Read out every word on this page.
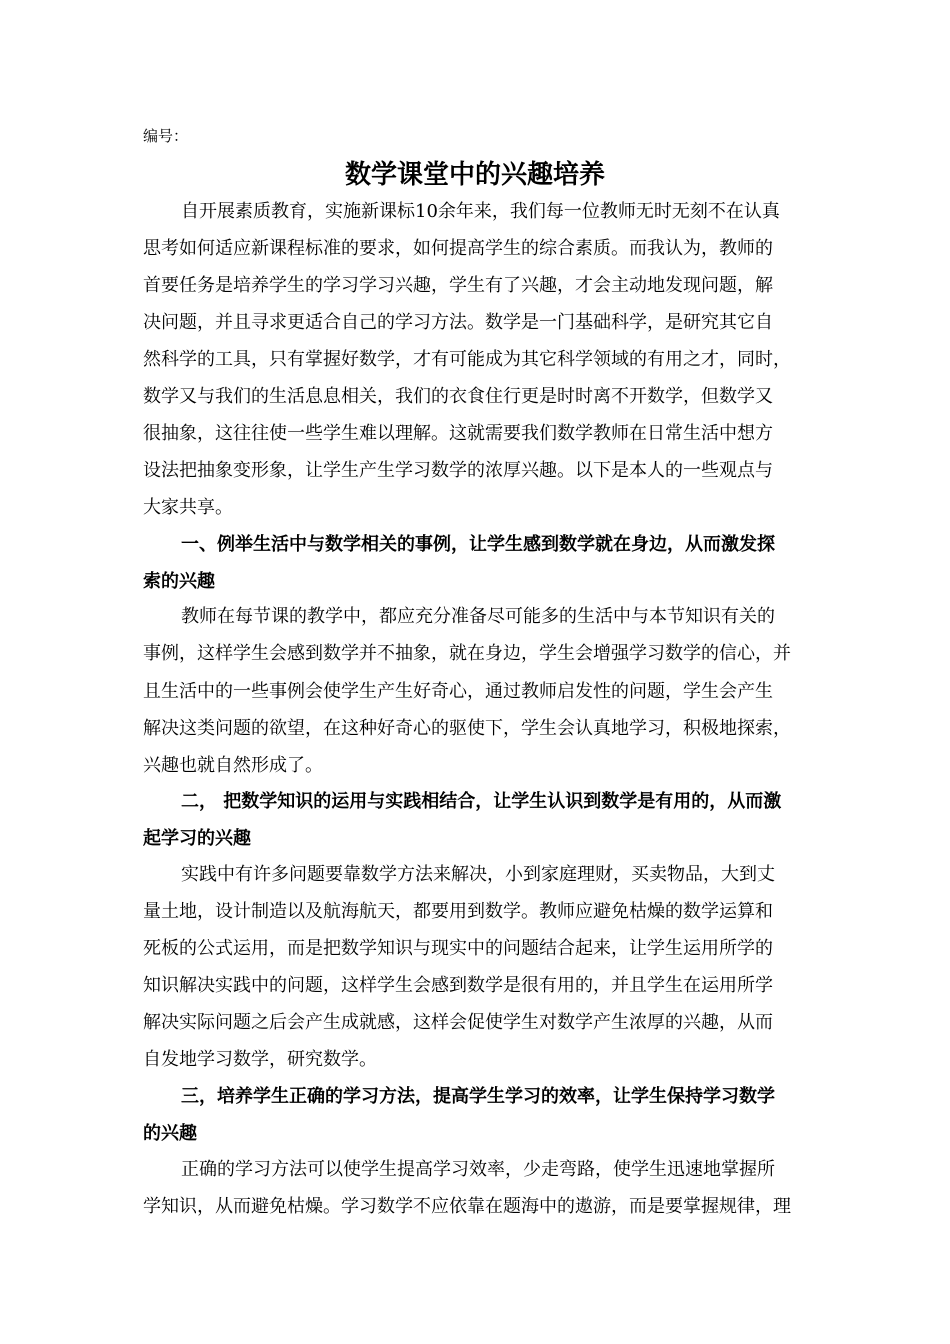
编号：
数学课堂中的兴趣培养
自开展素质教育，实施新课标10余年来，我们每一位教师无时无刻不在认真
思考如何适应新课程标准的要求，如何提高学生的综合素质。而我认为，教师的
首要任务是培养学生的学习学习兴趣，学生有了兴趣，才会主动地发现问题，解
决问题，并且寻求更适合自己的学习方法。数学是一门基础科学，是研究其它自
然科学的工具，只有掌握好数学，才有可能成为其它科学领域的有用之才，同时，
数学又与我们的生活息息相关，我们的衣食住行更是时时离不开数学，但数学又
很抽象，这往往使一些学生难以理解。这就需要我们数学教师在日常生活中想方
设法把抽象变形象，让学生产生学习数学的浓厚兴趣。以下是本人的一些观点与
大家共享。
一、例举生活中与数学相关的事例，让学生感到数学就在身边，从而激发探
索的兴趣
教师在每节课的教学中，都应充分准备尽可能多的生活中与本节知识有关的
事例，这样学生会感到数学并不抽象，就在身边，学生会增强学习数学的信心，并
且生活中的一些事例会使学生产生好奇心，通过教师启发性的问题，学生会产生
解决这类问题的欲望，在这种好奇心的驱使下，学生会认真地学习，积极地探索，
兴趣也就自然形成了。
二， 把数学知识的运用与实践相结合，让学生认识到数学是有用的，从而激
起学习的兴趣
实践中有许多问题要靠数学方法来解决，小到家庭理财，买卖物品，大到丈
量土地，设计制造以及航海航天，都要用到数学。教师应避免枯燥的数学运算和
死板的公式运用，而是把数学知识与现实中的问题结合起来，让学生运用所学的
知识解决实践中的问题，这样学生会感到数学是很有用的，并且学生在运用所学
解决实际问题之后会产生成就感，这样会促使学生对数学产生浓厚的兴趣，从而
自发地学习数学，研究数学。
三，培养学生正确的学习方法，提高学生学习的效率，让学生保持学习数学
的兴趣
正确的学习方法可以使学生提高学习效率，少走弯路，使学生迅速地掌握所
学知识，从而避免枯燥。学习数学不应依靠在题海中的遨游，而是要掌握规律，理
